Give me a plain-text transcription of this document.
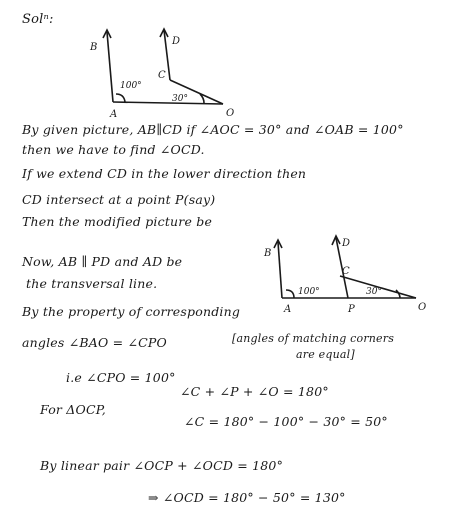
Solⁿ:
B
D
C
A	O
100°
30°
By given picture, AB∥CD if ∠AOC = 30° and ∠OAB = 100°
then we have to find ∠OCD.
If we extend CD in the lower direction then
CD intersect at a point P(say)
Then the modified picture be
B
D
C
A	P	O
100°	30°
Now, AB ∥ PD and AD be
the transversal line.
By the property of corresponding
angles ∠BAO = ∠CPO	[angles of matching corners
are equal]
i.e ∠CPO = 100°
For ΔOCP,
∠C + ∠P + ∠O = 180°
∠C = 180° − 100° − 30° = 50°
By linear pair ∠OCP + ∠OCD = 180°
⇒ ∠OCD = 180° − 50° = 130°
